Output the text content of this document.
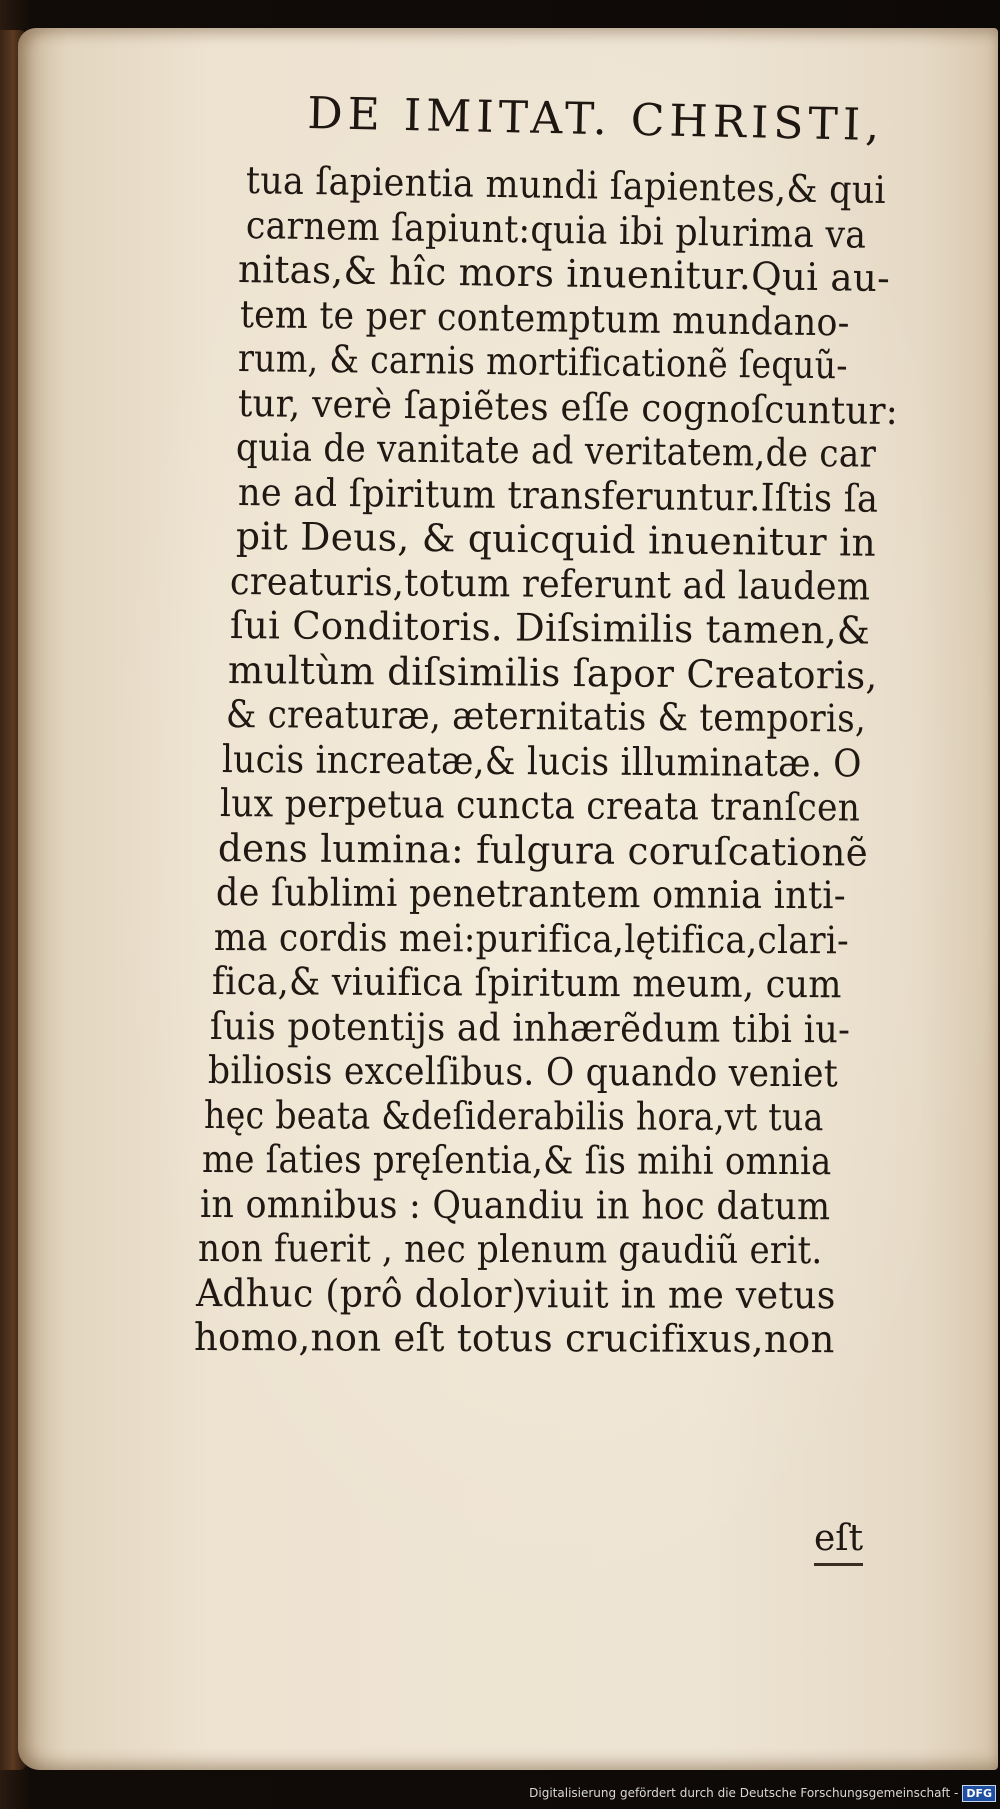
DE IMITAT. CHRISTI,
tua ſapientia mundi ſapientes,& qui
carnem ſapiunt:quia ibi plurima va
nitas,& hîc mors inuenitur.Qui au-
tem te per contemptum mundano-
rum, & carnis mortificationẽ ſequũ-
tur, verè ſapiẽtes eſſe cognoſcuntur:
quia de vanitate ad veritatem,de car
ne ad ſpiritum transferuntur.Iſtis ſa
pit Deus, & quicquid inuenitur in
creaturis,totum referunt ad laudem
ſui Conditoris. Diſsimilis tamen,&
multùm diſsimilis ſapor Creatoris,
& creaturæ, æternitatis & temporis,
lucis increatæ,& lucis illuminatæ. O
lux perpetua cuncta creata tranſcen
dens lumina: fulgura coruſcationẽ
de ſublimi penetrantem omnia inti-
ma cordis mei:purifica,lętifica,clari-
fica,& viuifica ſpiritum meum, cum
ſuis potentijs ad inhærẽdum tibi iu-
biliosis excelſibus. O quando veniet
hęc beata &deſiderabilis hora,vt tua
me ſaties pręſentia,& ſis mihi omnia
in omnibus : Quandiu in hoc datum
non fuerit , nec plenum gaudiũ erit.
Adhuc (prô dolor)viuit in me vetus
homo,non eſt totus crucifixus,non
eſt
Digitalisierung gefördert durch die Deutsche Forschungsgemeinschaft - DFG
